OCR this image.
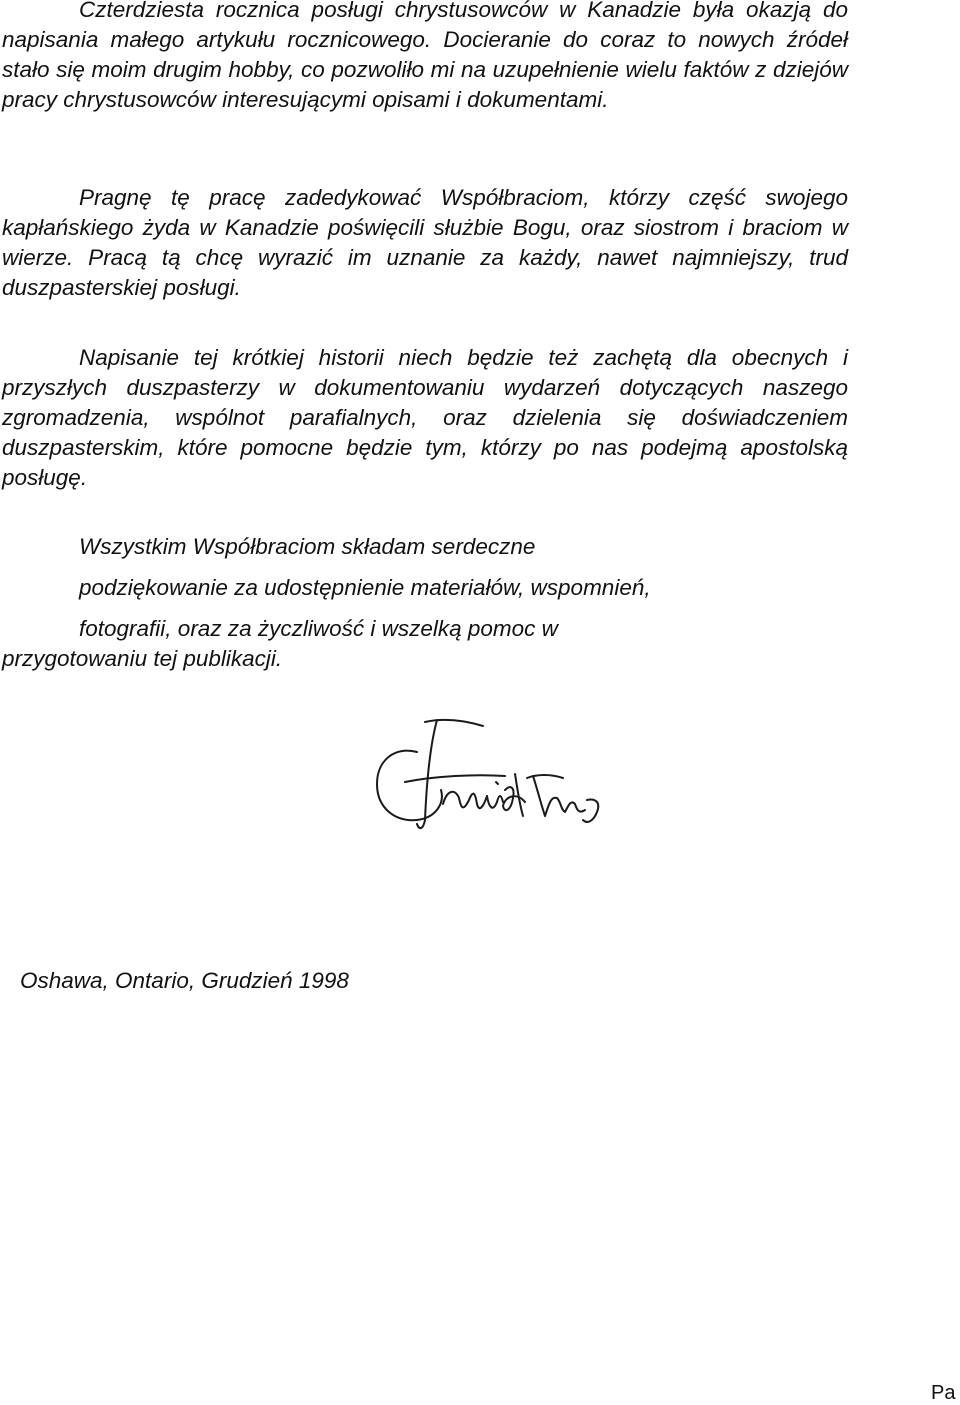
Czterdziesta rocznica posługi chrystusowców w Kanadzie była okazją do napisania małego artykułu rocznicowego. Docieranie do coraz to nowych źródeł stało się moim drugim hobby, co pozwoliło mi na uzupełnienie wielu faktów z dziejów pracy chrystusowców interesującymi opisami i dokumentami.

Pragnę tę pracę zadedykować Współbraciom, którzy część swojego kapłańskiego żyda w Kanadzie poświęcili służbie Bogu, oraz siostrom i braciom w wierze. Pracą tą chcę wyrazić im uznanie za każdy, nawet najmniejszy, trud duszpasterskiej posługi.

Napisanie tej krótkiej historii niech będzie też zachętą dla obecnych i przyszłych duszpasterzy w dokumentowaniu wydarzeń dotyczących naszego zgromadzenia, wspólnot parafialnych, oraz dzielenia się doświadczeniem duszpasterskim, które pomocne będzie tym, którzy po nas podejmą apostolską posługę.

Wszystkim Współbraciom składam serdeczne
podziękowanie za udostępnienie materiałów, wspomnień,
fotografii, oraz za życzliwość i wszelką pomoc w
przygotowaniu tej publikacji.

Oshawa, Ontario, Grudzień 1998

Pa
